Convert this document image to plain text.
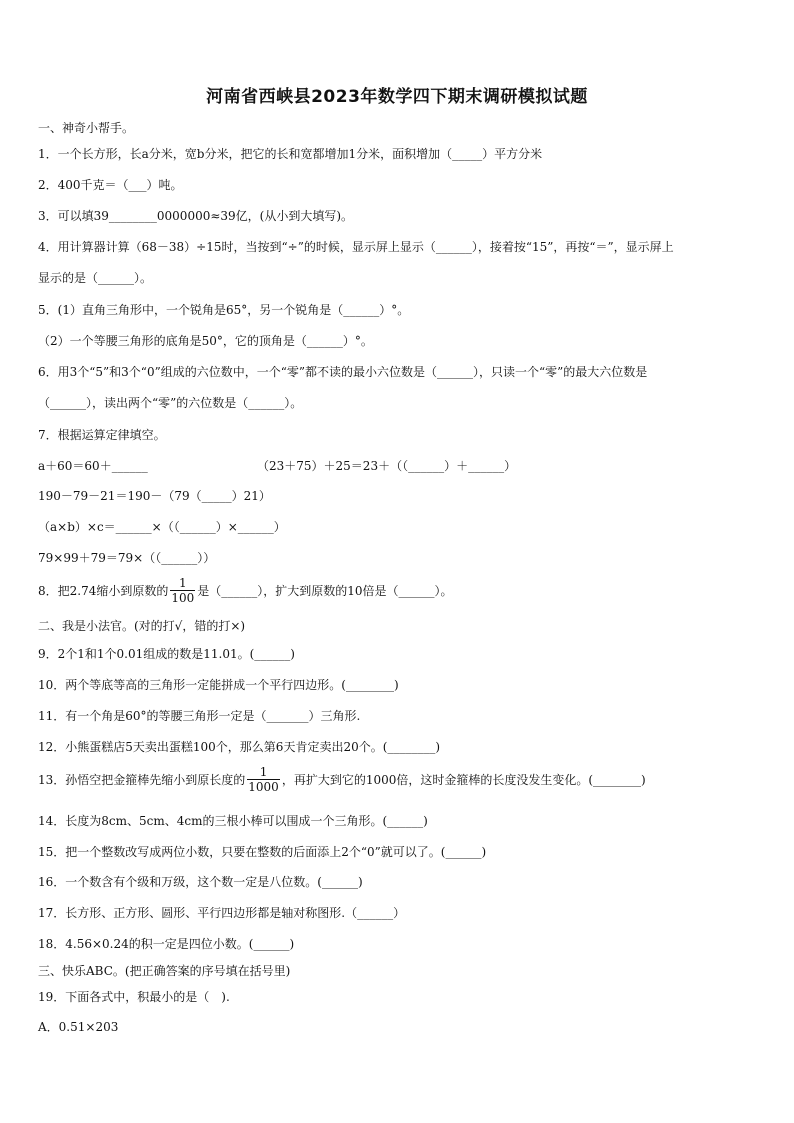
河南省西峡县2023年数学四下期末调研模拟试题
一、神奇小帮手。
1．一个长方形，长a分米，宽b分米，把它的长和宽都增加1分米，面积增加（_____）平方分米
2．400千克＝（___）吨。
3．可以填39________0000000≈39亿，(从小到大填写)。
4．用计算器计算（68－38）÷15时，当按到“÷”的时候，显示屏上显示（______），接着按“15”，再按“＝”，显示屏上
显示的是（______）。
5．(1）直角三角形中，一个锐角是65°，另一个锐角是（______）°。
（2）一个等腰三角形的底角是50°，它的顶角是（______）°。
6．用3个“5”和3个“0”组成的六位数中，一个“零”都不读的最小六位数是（______），只读一个“零”的最大六位数是
（______），读出两个“零”的六位数是（______）。
7．根据运算定律填空。
a＋60＝60＋______	（23＋75）＋25＝23＋（（______）＋______）
190－79－21＝190－（79（_____）21）
（a×b）×c＝______×（（______）×______）
79×99＋79＝79×（（______））
8．把2.74缩小到原数的 $\frac{1}{100}$ 是（______），扩大到原数的10倍是（______）。
二、我是小法官。(对的打√，错的打×)
9．2个1和1个0.01组成的数是11.01。(______)
10．两个等底等高的三角形一定能拼成一个平行四边形。(________)
11．有一个角是60°的等腰三角形一定是（_______）三角形.
12．小熊蛋糕店5天卖出蛋糕100个，那么第6天肯定卖出20个。(________)
13．孙悟空把金箍棒先缩小到原长度的 $\frac{1}{1000}$ ，再扩大到它的1000倍，这时金箍棒的长度没发生变化。(________)
14．长度为8cm、5cm、4cm的三根小棒可以围成一个三角形。(______)
15．把一个整数改写成两位小数，只要在整数的后面添上2个“0”就可以了。(______)
16．一个数含有个级和万级，这个数一定是八位数。(______)
17．长方形、正方形、圆形、平行四边形都是轴对称图形.（______）
18．4.56×0.24的积一定是四位小数。(______)
三、快乐ABC。(把正确答案的序号填在括号里)
19．下面各式中，积最小的是（　).
A．0.51×203
